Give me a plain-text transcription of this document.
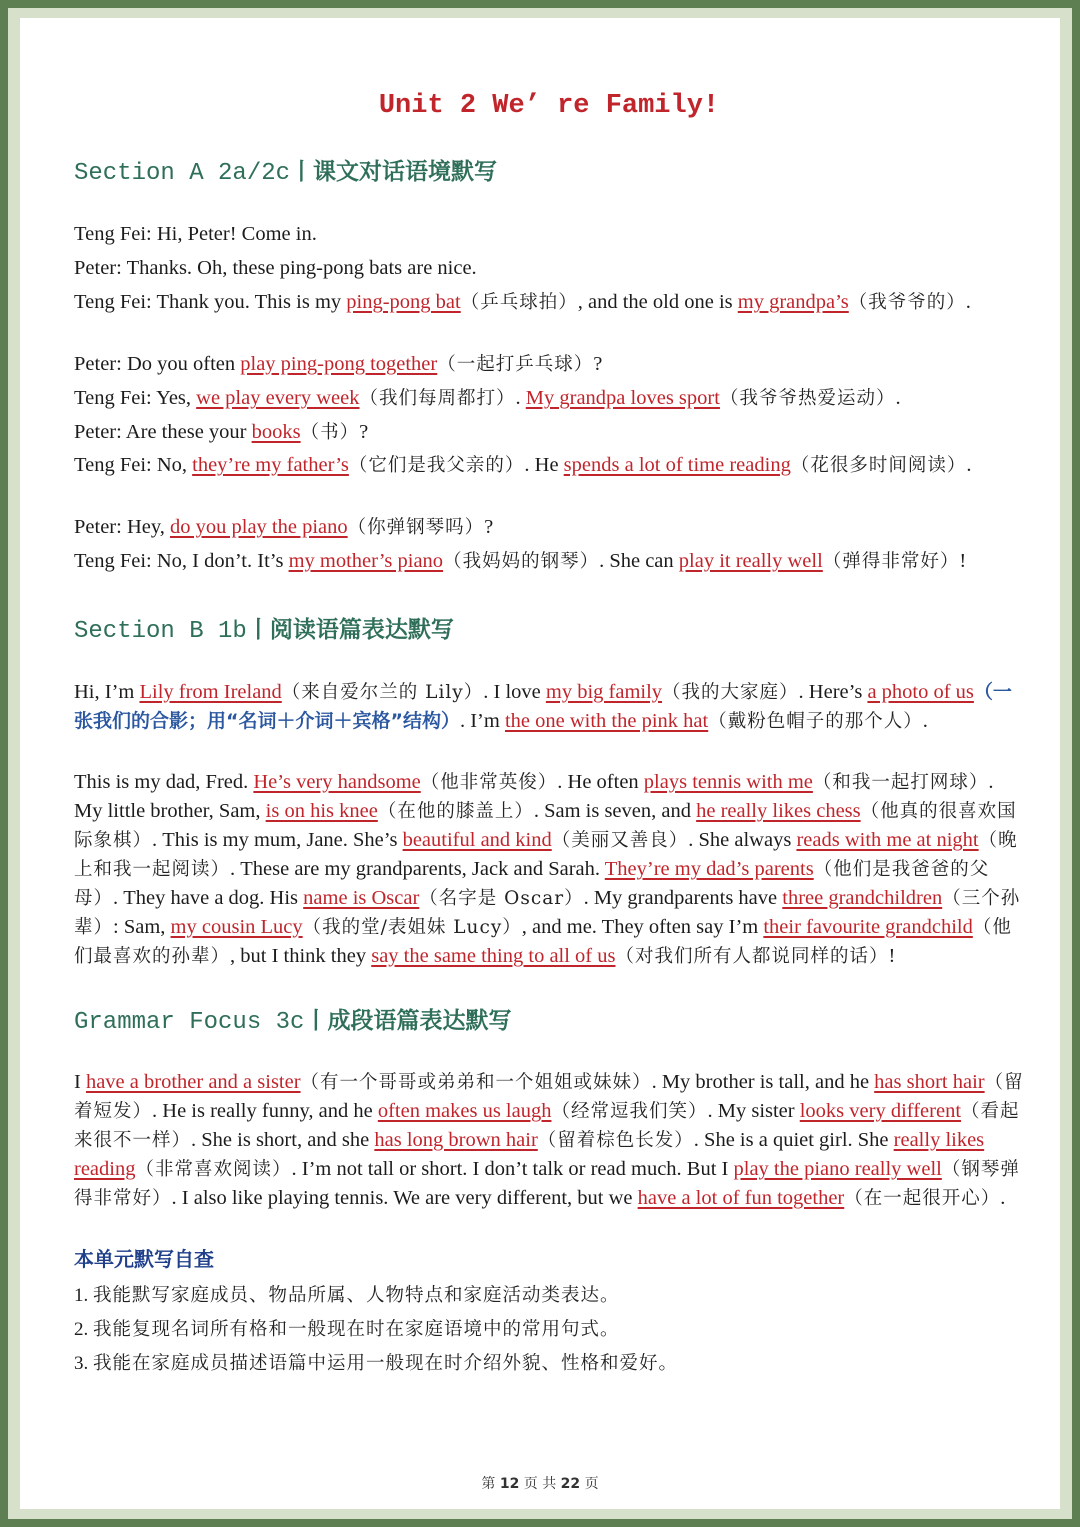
Unit 2 We’ re Family!
Section A 2a/2c丨课文对话语境默写
Teng Fei: Hi, Peter! Come in.
Peter: Thanks. Oh, these ping-pong bats are nice.
Teng Fei: Thank you. This is my ping-pong bat（乒乓球拍）, and the old one is my grandpa’s（我爷爷的）.
Peter: Do you often play ping-pong together（一起打乒乓球）?
Teng Fei: Yes, we play every week（我们每周都打）. My grandpa loves sport（我爷爷热爱运动）.
Peter: Are these your books（书）?
Teng Fei: No, they’re my father’s（它们是我父亲的）. He spends a lot of time reading（花很多时间阅读）.
Peter: Hey, do you play the piano（你弹钢琴吗）?
Teng Fei: No, I don’t. It’s my mother’s piano（我妈妈的钢琴）. She can play it really well（弹得非常好）!
Section B 1b丨阅读语篇表达默写
Hi, I’m Lily from Ireland（来自爱尔兰的 Lily）. I love my big family（我的大家庭）. Here’s a photo of us（一张我们的合影；用“名词＋介词＋宾格”结构）. I’m the one with the pink hat（戴粉色帽子的那个人）.
This is my dad, Fred. He’s very handsome（他非常英俊）. He often plays tennis with me（和我一起打网球）. My little brother, Sam, is on his knee（在他的膝盖上）. Sam is seven, and he really likes chess（他真的很喜欢国际象棋）. This is my mum, Jane. She’s beautiful and kind（美丽又善良）. She always reads with me at night（晚上和我一起阅读）. These are my grandparents, Jack and Sarah. They’re my dad’s parents（他们是我爸爸的父母）. They have a dog. His name is Oscar（名字是 Oscar）. My grandparents have three grandchildren（三个孙辈）: Sam, my cousin Lucy（我的堂/表姐妹 Lucy）, and me. They often say I’m their favourite grandchild（他们最喜欢的孙辈）, but I think they say the same thing to all of us（对我们所有人都说同样的话）!
Grammar Focus 3c丨成段语篇表达默写
I have a brother and a sister（有一个哥哥或弟弟和一个姐姐或妹妹）. My brother is tall, and he has short hair（留着短发）. He is really funny, and he often makes us laugh（经常逗我们笑）. My sister looks very different（看起来很不一样）. She is short, and she has long brown hair（留着棕色长发）. She is a quiet girl. She really likes reading（非常喜欢阅读）. I’m not tall or short. I don’t talk or read much. But I play the piano really well（钢琴弹得非常好）. I also like playing tennis. We are very different, but we have a lot of fun together（在一起很开心）.
本单元默写自查
1. 我能默写家庭成员、物品所属、人物特点和家庭活动类表达。
2. 我能复现名词所有格和一般现在时在家庭语境中的常用句式。
3. 我能在家庭成员描述语篇中运用一般现在时介绍外貌、性格和爱好。
第 12 页 共 22 页
